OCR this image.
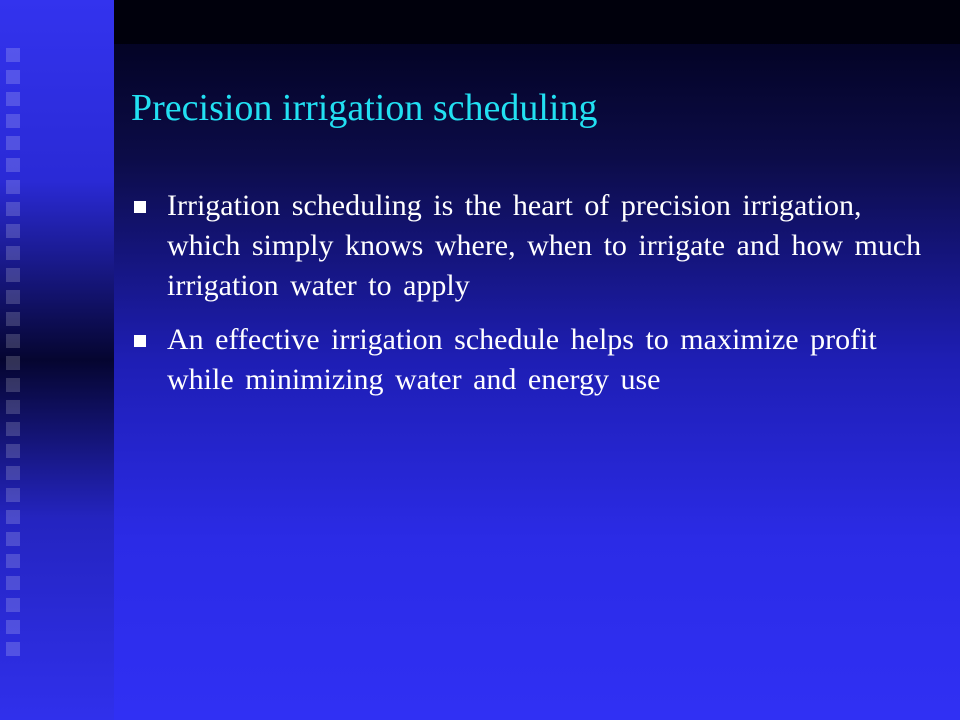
Precision irrigation scheduling
Irrigation scheduling is the heart of precision irrigation, which simply knows where, when to irrigate and how much irrigation water to apply
An effective irrigation schedule helps to maximize profit while minimizing water and energy use
